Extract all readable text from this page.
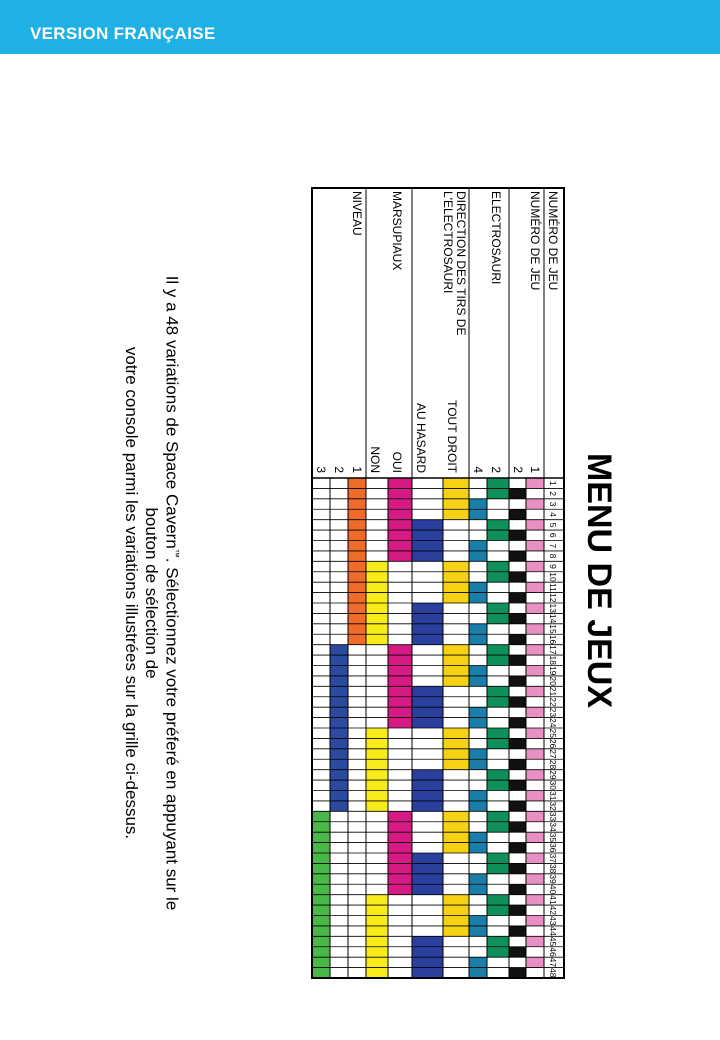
VERSION FRANÇAISE
MENU DE JEUX
1
2
3
4
5
6
7
8
9
10
11
12
13
14
15
16
17
18
19
20
21
22
23
24
25
26
27
28
29
30
31
32
33
34
35
36
37
38
39
40
41
42
43
44
45
46
47
48
NUMÉRO DE JEU
NUMÉRO DE JEU
1
2
ELECTROSAURI
2
4
DIRECTION DES TIRS DE
L'ELECTROSAURI
TOUT DROIT
AU HASARD
MARSUPIAUX
OUI
NON
NIVEAU
1
2
3
Il y a 48 variations de Space Cavern™. Sélectionnez votre préferé en appuyant sur le bouton de sélection de
votre console parmi les variations illustrées sur la grille ci-dessus.
